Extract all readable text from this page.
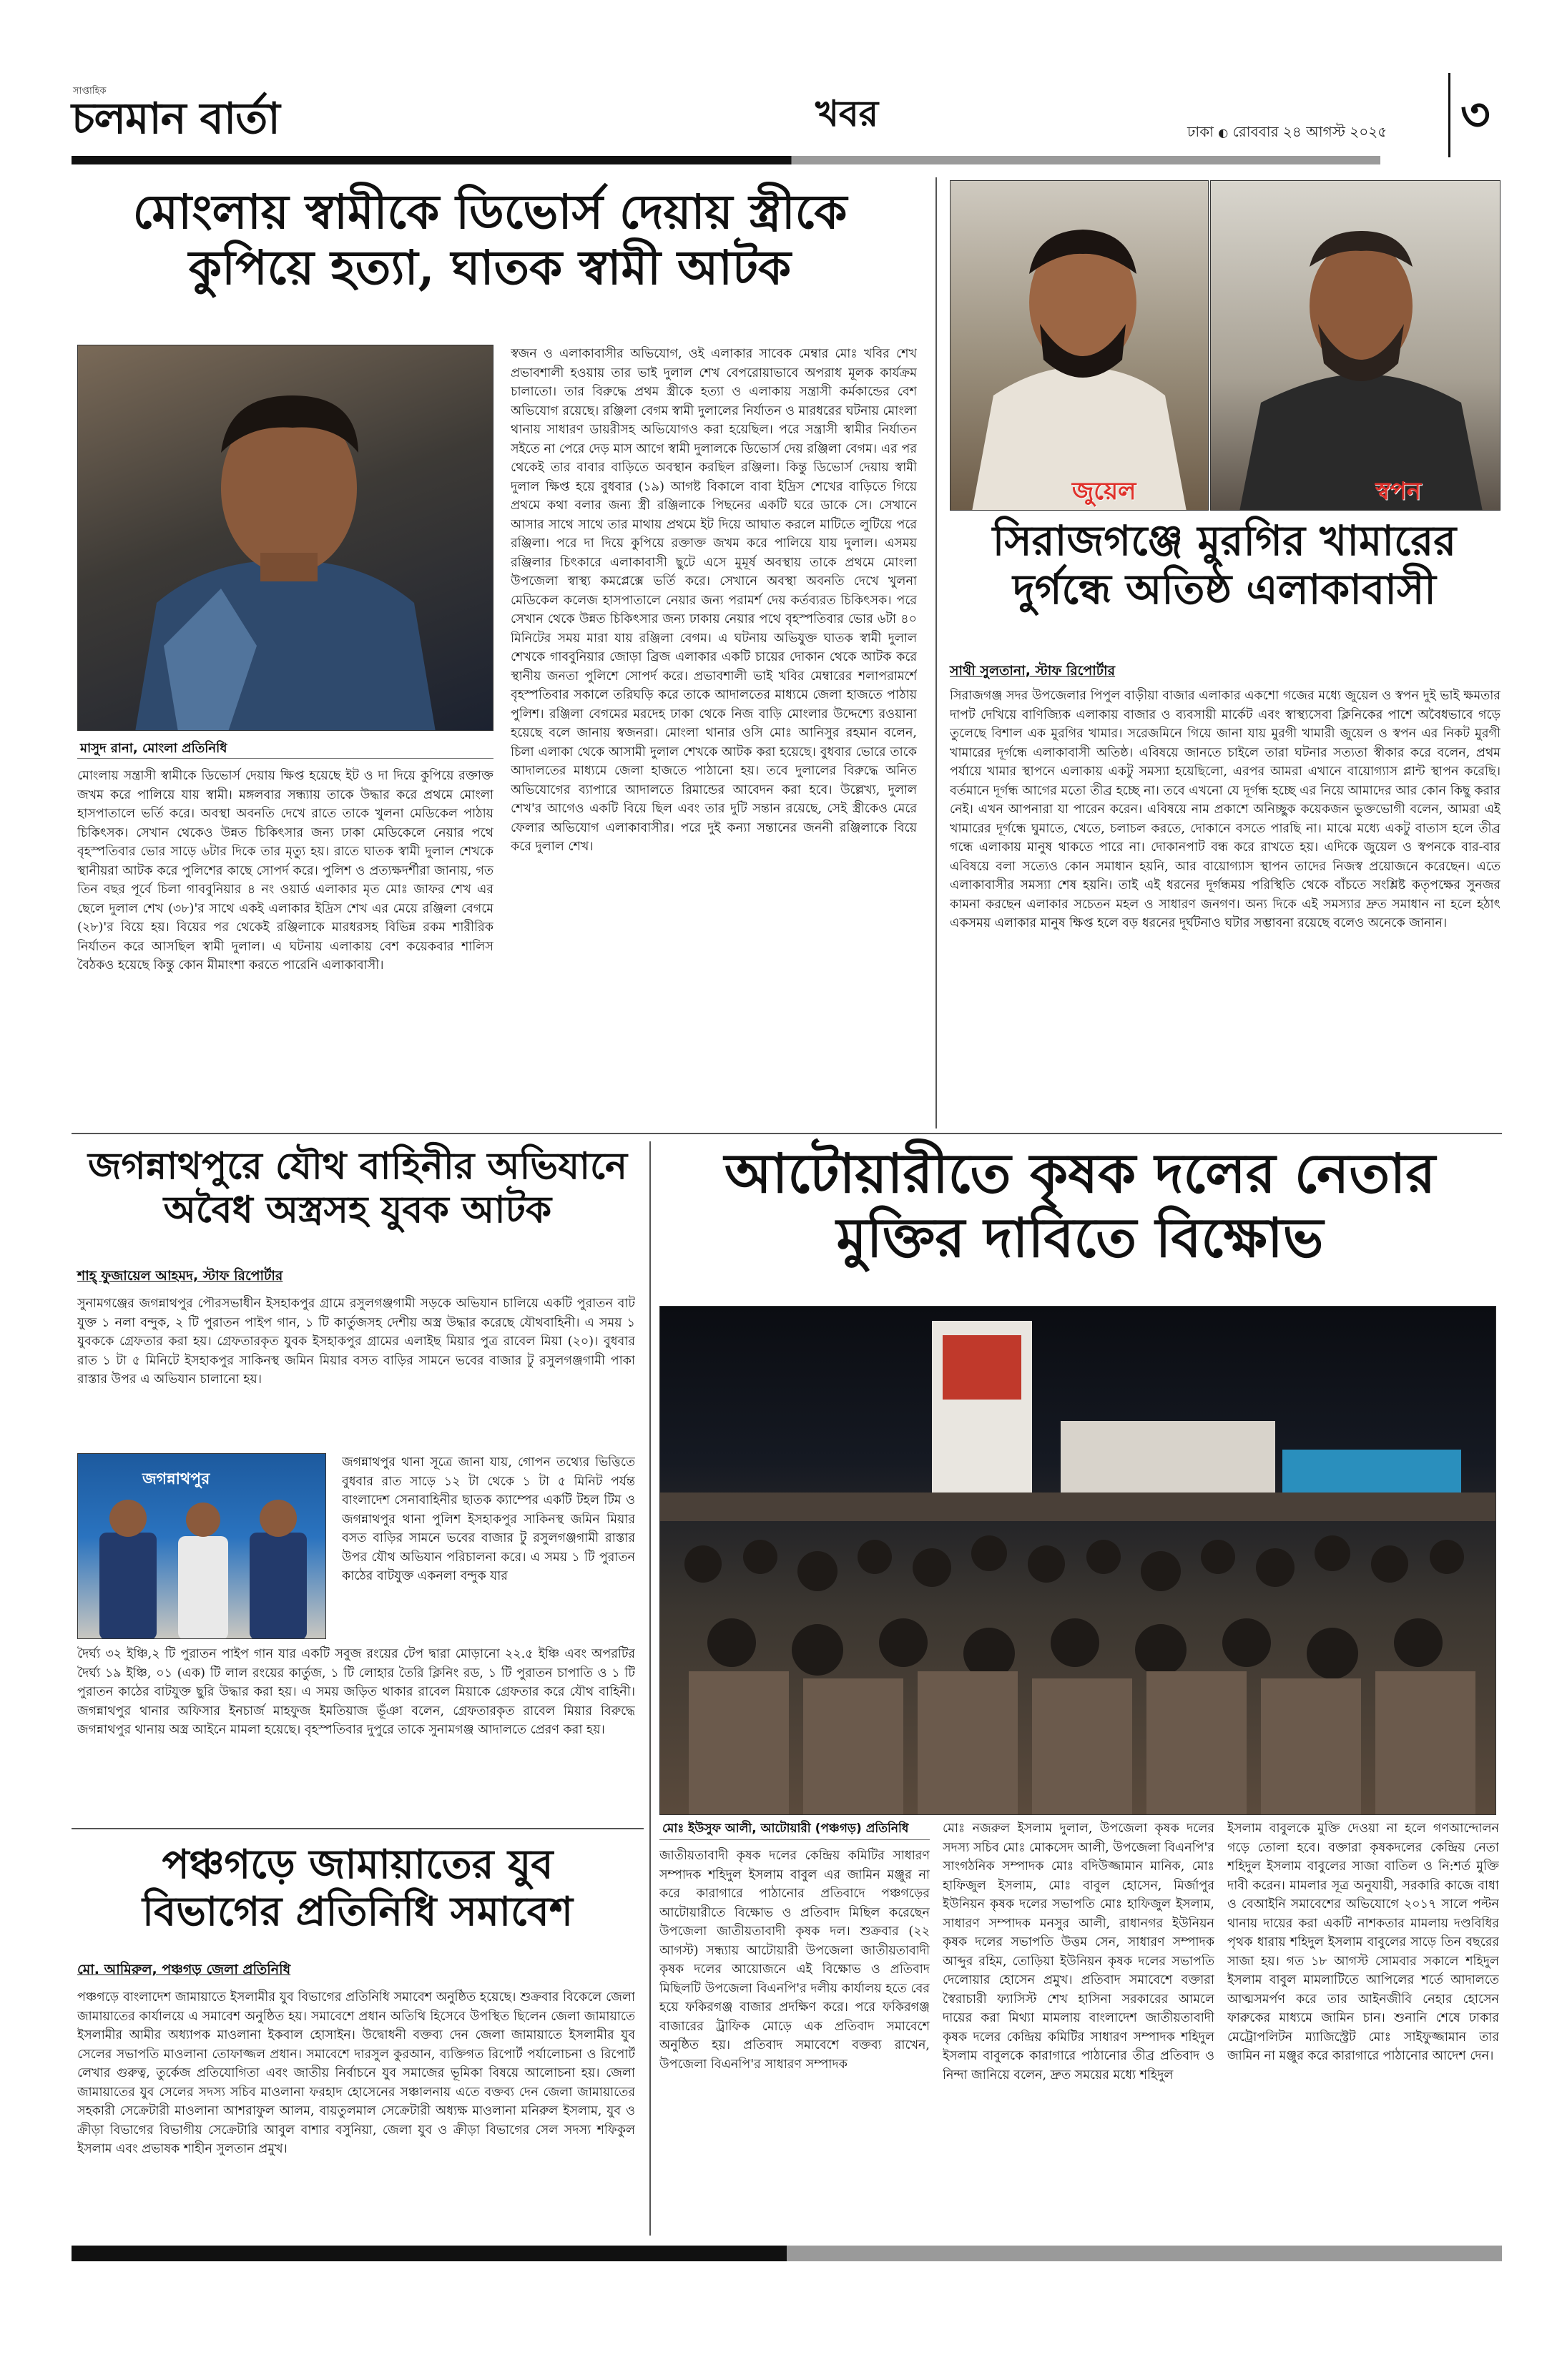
সাপ্তাহিক
চলমান বার্তা	খবর	ঢাকা ◐ রোববার ২৪ আগস্ট ২০২৫ ৩
মোংলায় স্বামীকে ডিভোর্স দেয়ায় স্ত্রীকে
কুপিয়ে হত্যা, ঘাতক স্বামী আটক
মাসুদ রানা, মোংলা প্রতিনিধি
মোংলায় সন্ত্রাসী স্বামীকে ডিভোর্স দেয়ায় ক্ষিপ্ত হয়েছে ইট ও দা দিয়ে কুপিয়ে রক্তাক্ত জখম করে পালিয়ে যায় স্বামী। মঙ্গলবার সন্ধ্যায় তাকে উদ্ধার করে প্রথমে মোংলা হাসপাতালে ভর্তি করে। অবস্থা অবনতি দেখে রাতে তাকে খুলনা মেডিকেল পাঠায় চিকিৎসক। সেখান থেকেও উন্নত চিকিৎসার জন্য ঢাকা মেডিকেলে নেয়ার পথে বৃহস্পতিবার ভোর সাড়ে ৬টার দিকে তার মৃত্যু হয়। রাতে ঘাতক স্বামী দুলাল শেখকে স্থানীয়রা আটক করে পুলিশের কাছে সোপর্দ করে। পুলিশ ও প্রত্যক্ষদর্শীরা জানায়, গত তিন বছর পূর্বে চিলা গাববুনিয়ার ৪ নং ওয়ার্ড এলাকার মৃত মোঃ জাফর শেখ এর ছেলে দুলাল শেখ (৩৮)'র সাথে একই এলাকার ইদ্রিস শেখ এর মেয়ে রঞ্জিলা বেগমে (২৮)'র বিয়ে হয়। বিয়ের পর থেকেই রঞ্জিলাকে মারধরসহ বিভিন্ন রকম শারীরিক নির্যাতন করে আসছিল স্বামী দুলাল। এ ঘটনায় এলাকায় বেশ কয়েকবার শালিস বৈঠকও হয়েছে কিন্তু কোন মীমাংশা করতে পারেনি এলাকাবাসী।
স্বজন ও এলাকাবাসীর অভিযোগ, ওই এলাকার সাবেক মেম্বার মোঃ খবির শেখ প্রভাবশালী হওয়ায় তার ভাই দুলাল শেখ বেপরোয়াভাবে অপরাধ মূলক কার্যক্রম চালাতো। তার বিরুদ্ধে প্রথম স্ত্রীকে হত্যা ও এলাকায় সন্ত্রাসী কর্মকান্ডের বেশ অভিযোগ রয়েছে। রঞ্জিলা বেগম স্বামী দুলালের নির্যাতন ও মারধরের ঘটনায় মোংলা থানায় সাধারণ ডায়রীসহ অভিযোগও করা হয়েছিল। পরে সন্ত্রাসী স্বামীর নির্যাতন সইতে না পেরে দেড় মাস আগে স্বামী দুলালকে ডিভোর্স দেয় রঞ্জিলা বেগম। এর পর থেকেই তার বাবার বাড়িতে অবস্থান করছিল রঞ্জিলা। কিন্তু ডিভোর্স দেয়ায় স্বামী দুলাল ক্ষিপ্ত হয়ে বুধবার (১৯) আগষ্ট বিকালে বাবা ইদ্রিস শেখের বাড়িতে গিয়ে প্রথমে কথা বলার জন্য স্ত্রী রঞ্জিলাকে পিছনের একটি ঘরে ডাকে সে। সেখানে আসার সাথে সাথে তার মাথায় প্রথমে ইট দিয়ে আঘাত করলে মাটিতে লুটিয়ে পরে রঞ্জিলা। পরে দা দিয়ে কুপিয়ে রক্তাক্ত জখম করে পালিয়ে যায় দুলাল। এসময় রঞ্জিলার চিৎকারে এলাকাবাসী ছুটে এসে মুমূর্ষ অবস্থায় তাকে প্রথমে মোংলা উপজেলা স্বাস্থ্য কমপ্লেক্সে ভর্তি করে। সেখানে অবস্থা অবনতি দেখে খুলনা মেডিকেল কলেজ হাসপাতালে নেয়ার জন্য পরামর্শ দেয় কর্তব্যরত চিকিৎসক। পরে সেখান থেকে উন্নত চিকিৎসার জন্য ঢাকায় নেয়ার পথে বৃহস্পতিবার ভোর ৬টা ৪০ মিনিটের সময় মারা যায় রঞ্জিলা বেগম। এ ঘটনায় অভিযুক্ত ঘাতক স্বামী দুলাল শেখকে গাববুনিয়ার জোড়া ব্রিজ এলাকার একটি চায়ের দোকান থেকে আটক করে স্থানীয় জনতা পুলিশে সোপর্দ করে। প্রভাবশালী ভাই খবির মেম্বারের শলাপরামর্শে বৃহস্পতিবার সকালে তরিঘড়ি করে তাকে আদালতের মাধ্যমে জেলা হাজতে পাঠায় পুলিশ। রঞ্জিলা বেগমের মরদেহ ঢাকা থেকে নিজ বাড়ি মোংলার উদ্দেশ্যে রওয়ানা হয়েছে বলে জানায় স্বজনরা। মোংলা থানার ওসি মোঃ আনিসুর রহমান বলেন, চিলা এলাকা থেকে আসামী দুলাল শেখকে আটক করা হয়েছে। বুধবার ভোরে তাকে আদালতের মাধ্যমে জেলা হাজতে পাঠানো হয়। তবে দুলালের বিরুদ্ধে অনিত অভিযোগের ব্যাপারে আদালতে রিমান্ডের আবেদন করা হবে। উল্লেখ্য, দুলাল শেখ'র আগেও একটি বিয়ে ছিল এবং তার দুটি সন্তান রয়েছে, সেই স্ত্রীকেও মেরে ফেলার অভিযোগ এলাকাবাসীর। পরে দুই কন্যা সন্তানের জননী রঞ্জিলাকে বিয়ে করে দুলাল শেখ।
জুয়েল	স্বপন
সিরাজগঞ্জে মুরগির খামারের
দুর্গন্ধে অতিষ্ঠ এলাকাবাসী
সাথী সুলতানা, স্টাফ রিপোর্টার
সিরাজগঞ্জ সদর উপজেলার পিপুল বাড়ীয়া বাজার এলাকার একশো গজের মধ্যে জুয়েল ও স্বপন দুই ভাই ক্ষমতার দাপট দেখিয়ে বাণিজ্যিক এলাকায় বাজার ও ব্যবসায়ী মার্কেট এবং স্বাস্থ্যসেবা ক্লিনিকের পাশে অবৈধভাবে গড়ে তুলেছে বিশাল এক মুরগির খামার। সরেজমিনে গিয়ে জানা যায় মুরগী খামারী জুয়েল ও স্বপন এর নিকট মুরগী খামারের দূর্গন্ধে এলাকাবাসী অতিষ্ঠ। এবিষয়ে জানতে চাইলে তারা ঘটনার সত্যতা স্বীকার করে বলেন, প্রথম পর্যায়ে খামার স্থাপনে এলাকায় একটু সমস্যা হয়েছিলো, এরপর আমরা এখানে বায়োগ্যাস প্লান্ট স্থাপন করেছি। বর্তমানে দূর্গন্ধ আগের মতো তীব্র হচ্ছে না। তবে এখনো যে দূর্গন্ধ হচ্ছে এর নিয়ে আমাদের আর কোন কিছু করার নেই। এখন আপনারা যা পারেন করেন। এবিষয়ে নাম প্রকাশে অনিচ্ছুক কয়েকজন ভুক্তভোগী বলেন, আমরা এই খামারের দূর্গন্ধে ঘুমাতে, খেতে, চলাচল করতে, দোকানে বসতে পারছি না। মাঝে মধ্যে একটু বাতাস হলে তীব্র গন্ধে এলাকায় মানুষ থাকতে পারে না। দোকানপাট বন্ধ করে রাখতে হয়। এদিকে জুয়েল ও স্বপনকে বার-বার এবিষয়ে বলা সত্যেও কোন সমাধান হয়নি, আর বায়োগ্যাস স্থাপন তাদের নিজস্ব প্রয়োজনে করেছেন। এতে এলাকাবাসীর সমস্যা শেষ হয়নি। তাই এই ধরনের দূর্গন্ধময় পরিস্থিতি থেকে বাঁচতে সংশ্লিষ্ট কতৃপক্ষের সুনজর কামনা করছেন এলাকার সচেতন মহল ও সাধারণ জনগণ। অন্য দিকে এই সমস্যার দ্রুত সমাধান না হলে হঠাৎ একসময় এলাকার মানুষ ক্ষিপ্ত হলে বড় ধরনের দূর্ঘটনাও ঘটার সম্ভাবনা রয়েছে বলেও অনেকে জানান।
জগন্নাথপুরে যৌথ বাহিনীর অভিযানে
অবৈধ অস্ত্রসহ যুবক আটক
শাহ্ ফুজায়েল আহমদ, স্টাফ রিপোর্টার
সুনামগঞ্জের জগন্নাথপুর পৌরসভাধীন ইসহাকপুর গ্রামে রসুলগঞ্জগামী সড়কে অভিযান চালিয়ে একটি পুরাতন বাট যুক্ত ১ নলা বন্দুক, ২ টি পুরাতন পাইপ গান, ১ টি কার্তুজসহ দেশীয় অস্ত্র উদ্ধার করেছে যৌথবাহিনী। এ সময় ১ যুবককে গ্রেফতার করা হয়। গ্রেফতারকৃত যুবক ইসহাকপুর গ্রামের এলাইছ মিয়ার পুত্র রাবেল মিয়া (২০)। বুধবার রাত ১ টা ৫ মিনিটে ইসহাকপুর সাকিনস্থ জমিন মিয়ার বসত বাড়ির সামনে ভবের বাজার টু রসুলগঞ্জগামী পাকা রাস্তার উপর এ অভিযান চালানো হয়।
জগন্নাথপুর
জগন্নাথপুর থানা সূত্রে জানা যায়, গোপন তথ্যের ভিত্তিতে বুধবার রাত সাড়ে ১২ টা থেকে ১ টা ৫ মিনিট পর্যন্ত বাংলাদেশ সেনাবাহিনীর ছাতক ক্যাম্পের একটি টহল টিম ও জগন্নাথপুর থানা পুলিশ ইসহাকপুর সাকিনস্থ জমিন মিয়ার বসত বাড়ির সামনে ভবের বাজার টু রসুলগঞ্জগামী রাস্তার উপর যৌথ অভিযান পরিচালনা করে। এ সময় ১ টি পুরাতন কাঠের বাটযুক্ত একনলা বন্দুক যার
দৈর্ঘ্য ৩২ ইঞ্চি,২ টি পুরাতন পাইপ গান যার একটি সবুজ রংয়ের টেপ দ্বারা মোড়ানো ২২.৫ ইঞ্চি এবং অপরটির দৈর্ঘ্য ১৯ ইঞ্চি, ০১ (এক) টি লাল রংয়ের কার্তুজ, ১ টি লোহার তৈরি ক্লিনিং রড, ১ টি পুরাতন চাপাতি ও ১ টি পুরাতন কাঠের বাটযুক্ত ছুরি উদ্ধার করা হয়। এ সময় জড়িত থাকার রাবেল মিয়াকে গ্রেফতার করে যৌথ বাহিনী। জগন্নাথপুর থানার অফিসার ইনচার্জ মাহফুজ ইমতিয়াজ ভূঁঞা বলেন, গ্রেফতারকৃত রাবেল মিয়ার বিরুদ্ধে জগন্নাথপুর থানায় অস্ত্র আইনে মামলা হয়েছে। বৃহস্পতিবার দুপুরে তাকে সুনামগঞ্জ আদালতে প্রেরণ করা হয়।
পঞ্চগড়ে জামায়াতের যুব
বিভাগের প্রতিনিধি সমাবেশ
মো. আমিরুল, পঞ্চগড় জেলা প্রতিনিধি
পঞ্চগড়ে বাংলাদেশ জামায়াতে ইসলামীর যুব বিভাগের প্রতিনিধি সমাবেশ অনুষ্ঠিত হয়েছে। শুক্রবার বিকেলে জেলা জামায়াতের কার্যালয়ে এ সমাবেশ অনুষ্ঠিত হয়। সমাবেশে প্রধান অতিথি হিসেবে উপস্থিত ছিলেন জেলা জামায়াতে ইসলামীর আমীর অধ্যাপক মাওলানা ইকবাল হোসাইন। উদ্বোধনী বক্তব্য দেন জেলা জামায়াতে ইসলামীর যুব সেলের সভাপতি মাওলানা তোফাজ্জল প্রধান। সমাবেশে দারসুল কুরআন, ব্যক্তিগত রিপোর্ট পর্যালোচনা ও রিপোর্ট লেখার গুরুত্ব, তুর্কেজ প্রতিযোগিতা এবং জাতীয় নির্বাচনে যুব সমাজের ভূমিকা বিষয়ে আলোচনা হয়। জেলা জামায়াতের যুব সেলের সদস্য সচিব মাওলানা ফরহাদ হোসেনের সঞ্চালনায় এতে বক্তব্য দেন জেলা জামায়াতের সহকারী সেক্রেটারী মাওলানা আশরাফুল আলম, বায়তুলমাল সেক্রেটারী অধ্যক্ষ মাওলানা মনিরুল ইসলাম, যুব ও ক্রীড়া বিভাগের বিভাগীয় সেক্রেটারি আবুল বাশার বসুনিয়া, জেলা যুব ও ক্রীড়া বিভাগের সেল সদস্য শফিকুল ইসলাম এবং প্রভাষক শাহীন সুলতান প্রমুখ।
আটোয়ারীতে কৃষক দলের নেতার
মুক্তির দাবিতে বিক্ষোভ
মোঃ ইউসুফ আলী, আটোয়ারী (পঞ্চগড়) প্রতিনিধি
জাতীয়তাবাদী কৃষক দলের কেন্দ্রিয় কমিটির সাধারণ সম্পাদক শহিদুল ইসলাম বাবুল এর জামিন মঞ্জুর না করে কারাগারে পাঠানোর প্রতিবাদে পঞ্চগড়ের আটোয়ারীতে বিক্ষোভ ও প্রতিবাদ মিছিল করেছেন উপজেলা জাতীয়তাবাদী কৃষক দল। শুক্রবার (২২ আগস্ট) সন্ধ্যায় আটোয়ারী উপজেলা জাতীয়তাবাদী কৃষক দলের আয়োজনে এই বিক্ষোভ ও প্রতিবাদ মিছিলটি উপজেলা বিএনপি'র দলীয় কার্যালয় হতে বের হয়ে ফকিরগঞ্জ বাজার প্রদক্ষিণ করে। পরে ফকিরগঞ্জ বাজারের ট্রাফিক মোড়ে এক প্রতিবাদ সমাবেশে অনুষ্ঠিত হয়। প্রতিবাদ সমাবেশে বক্তব্য রাখেন, উপজেলা বিএনপি'র সাধারণ সম্পাদক
মোঃ নজরুল ইসলাম দুলাল, উপজেলা কৃষক দলের সদস্য সচিব মোঃ মোকসেদ আলী, উপজেলা বিএনপি'র সাংগঠনিক সম্পাদক মোঃ বদিউজ্জামান মানিক, মোঃ হাফিজুল ইসলাম, মোঃ বাবুল হোসেন, মির্জাপুর ইউনিয়ন কৃষক দলের সভাপতি মোঃ হাফিজুল ইসলাম, সাধারণ সম্পাদক মনসুর আলী, রাধানগর ইউনিয়ন কৃষক দলের সভাপতি উত্তম সেন, সাধারণ সম্পাদক আব্দুর রহিম, তোড়িয়া ইউনিয়ন কৃষক দলের সভাপতি দেলোয়ার হোসেন প্রমুখ। প্রতিবাদ সমাবেশে বক্তারা স্বৈরাচারী ফ্যাসিস্ট শেখ হাসিনা সরকারের আমলে দায়ের করা মিথ্যা মামলায় বাংলাদেশ জাতীয়তাবাদী কৃষক দলের কেন্দ্রিয় কমিটির সাধারণ সম্পাদক শহিদুল ইসলাম বাবুলকে কারাগারে পাঠানোর তীব্র প্রতিবাদ ও নিন্দা জানিয়ে বলেন, দ্রুত সময়ের মধ্যে শহিদুল
ইসলাম বাবুলকে মুক্তি দেওয়া না হলে গণআন্দোলন গড়ে তোলা হবে। বক্তারা কৃষকদলের কেন্দ্রিয় নেতা শহিদুল ইসলাম বাবুলের সাজা বাতিল ও নি:শর্ত মুক্তি দাবী করেন। মামলার সূত্র অনুযায়ী, সরকারি কাজে বাধা ও বেআইনি সমাবেশের অভিযোগে ২০১৭ সালে পল্টন থানায় দায়ের করা একটি নাশকতার মামলায় দণ্ডবিধির পৃথক ধারায় শহিদুল ইসলাম বাবুলের সাড়ে তিন বছরের সাজা হয়। গত ১৮ আগস্ট সোমবার সকালে শহিদুল ইসলাম বাবুল মামলাটিতে আপিলের শর্তে আদালতে আত্মসমর্পণ করে তার আইনজীবি নেহার হোসেন ফারুকের মাধ্যমে জামিন চান। শুনানি শেষে ঢাকার মেট্রোপলিটন ম্যাজিস্ট্রেট মোঃ সাইফুজ্জামান তার জামিন না মঞ্জুর করে কারাগারে পাঠানোর আদেশ দেন।
